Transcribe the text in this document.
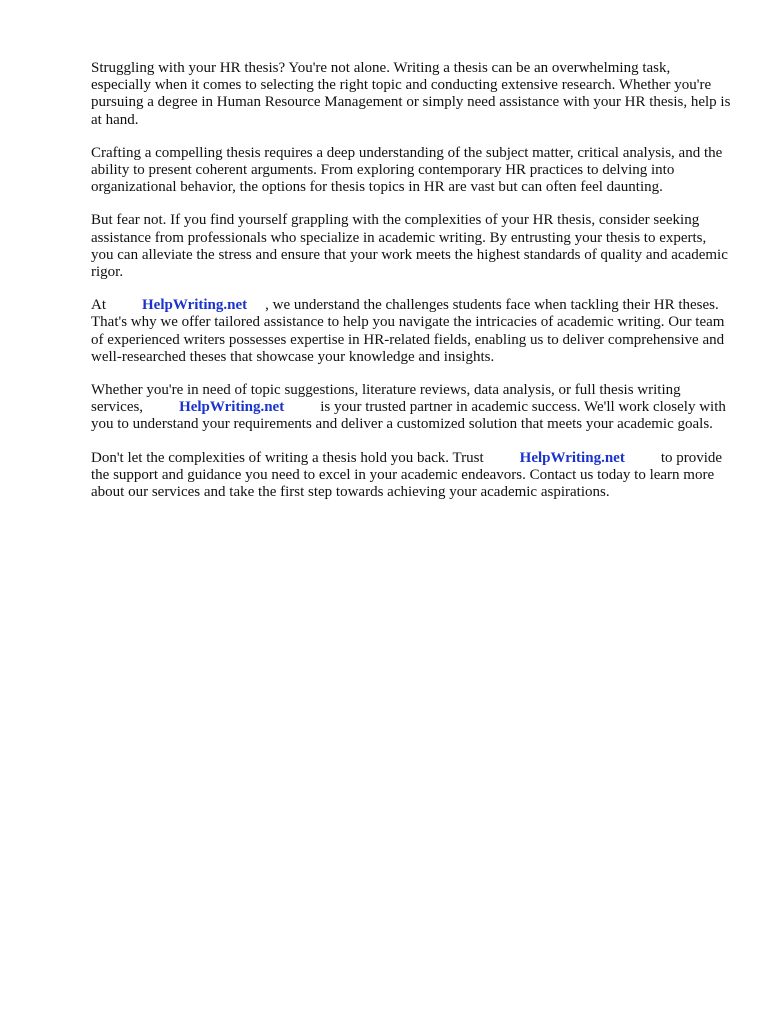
Struggling with your HR thesis? You're not alone. Writing a thesis can be an overwhelming task, especially when it comes to selecting the right topic and conducting extensive research. Whether you're pursuing a degree in Human Resource Management or simply need assistance with your HR thesis, help is at hand.

Crafting a compelling thesis requires a deep understanding of the subject matter, critical analysis, and the ability to present coherent arguments. From exploring contemporary HR practices to delving into organizational behavior, the options for thesis topics in HR are vast but can often feel daunting.

But fear not. If you find yourself grappling with the complexities of your HR thesis, consider seeking assistance from professionals who specialize in academic writing. By entrusting your thesis to experts, you can alleviate the stress and ensure that your work meets the highest standards of quality and academic rigor.

At HelpWriting.net , we understand the challenges students face when tackling their HR theses. That's why we offer tailored assistance to help you navigate the intricacies of academic writing. Our team of experienced writers possesses expertise in HR-related fields, enabling us to deliver comprehensive and well-researched theses that showcase your knowledge and insights.

Whether you're in need of topic suggestions, literature reviews, data analysis, or full thesis writing services, HelpWriting.net is your trusted partner in academic success. We'll work closely with you to understand your requirements and deliver a customized solution that meets your academic goals.

Don't let the complexities of writing a thesis hold you back. Trust HelpWriting.net to provide the support and guidance you need to excel in your academic endeavors. Contact us today to learn more about our services and take the first step towards achieving your academic aspirations.
